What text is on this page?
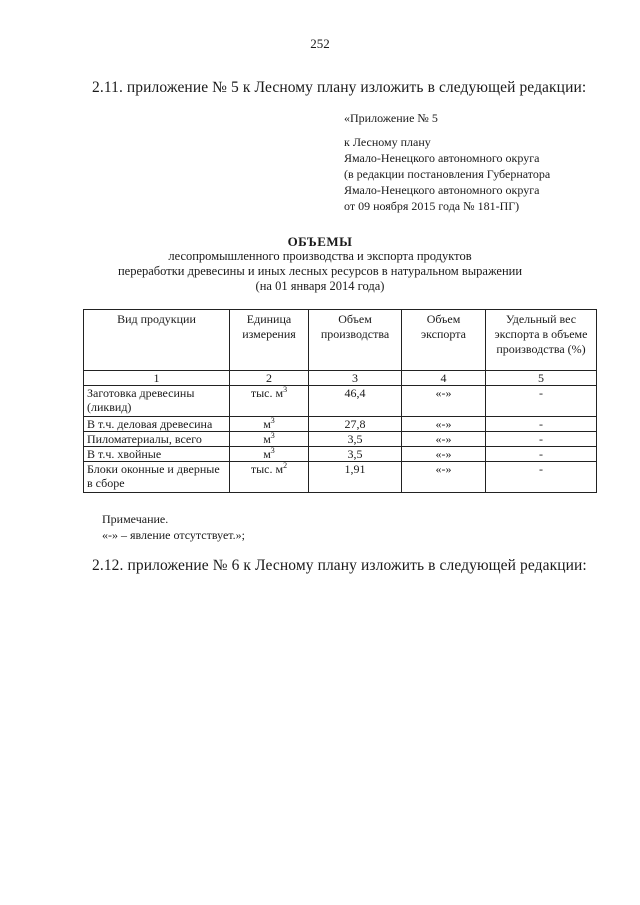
252
2.11. приложение № 5 к Лесному плану изложить в следующей редакции:
«Приложение № 5
к Лесному плану
Ямало-Ненецкого автономного округа
(в редакции постановления Губернатора
Ямало-Ненецкого автономного округа
от 09 ноября 2015 года № 181-ПГ)
ОБЪЕМЫ
лесопромышленного производства и экспорта продуктов
переработки древесины и иных лесных ресурсов в натуральном выражении
(на 01 января 2014 года)
Вид продукции	Единица измерения	Объем производства	Объем экспорта	Удельный вес экспорта в объеме производства (%)
1	2	3	4	5
Заготовка древесины (ликвид)	тыс. $м^3$	46,4	«-»	-
В т.ч. деловая древесина	$м^3$	27,8	«-»	-
Пиломатериалы, всего	$м^3$	3,5	«-»	-
В т.ч. хвойные	$м^3$	3,5	«-»	-
Блоки оконные и дверные в сборе	тыс. $м^2$	1,91	«-»	-
Примечание.
«-» – явление отсутствует.»;
2.12. приложение № 6 к Лесному плану изложить в следующей редакции:
